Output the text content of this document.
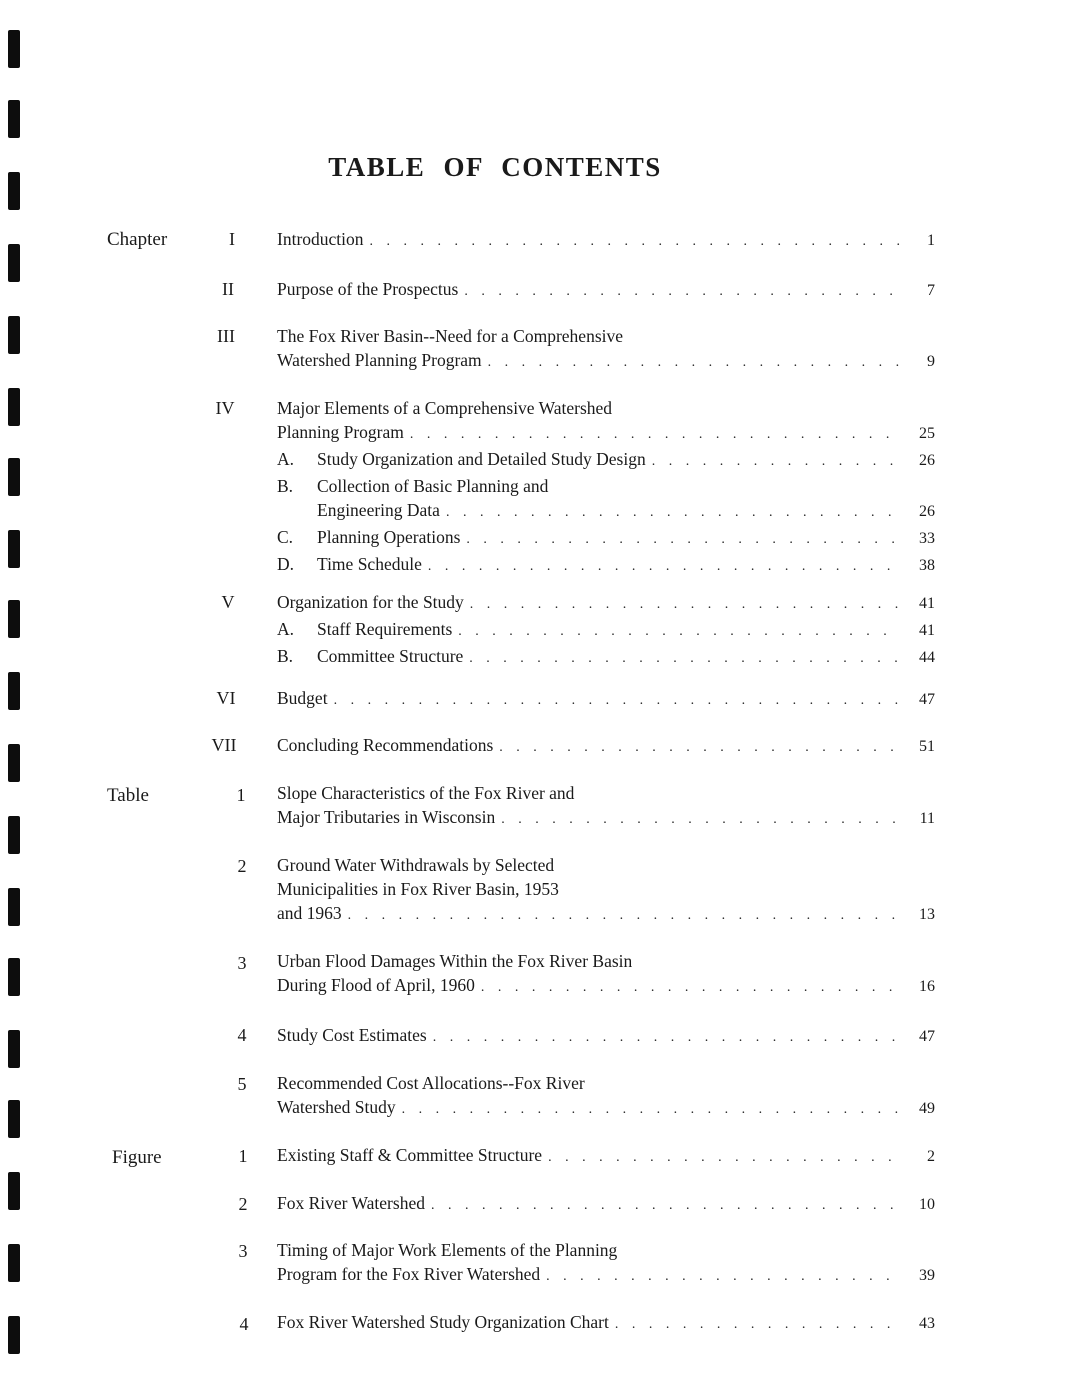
TABLE OF CONTENTS
Chapter	I	Introduction . . .	1
II	Purpose of the Prospectus . . .	7
III	The Fox River Basin--Need for a Comprehensive
Watershed Planning Program . . .	9
IV	Major Elements of a Comprehensive Watershed
Planning Program . . .	25
A.	Study Organization and Detailed Study Design . . .	26
B.	Collection of Basic Planning and
Engineering Data . . .	26
C.	Planning Operations . . .	33
D.	Time Schedule . . .	38
V	Organization for the Study . . .	41
A.	Staff Requirements . . .	41
B.	Committee Structure . . .	44
VI	Budget . . .	47
VII	Concluding Recommendations . . .	51
Table	1	Slope Characteristics of the Fox River and
Major Tributaries in Wisconsin . . .	11
2	Ground Water Withdrawals by Selected
Municipalities in Fox River Basin, 1953
and 1963 . . .	13
3	Urban Flood Damages Within the Fox River Basin
During Flood of April, 1960 . . .	16
4	Study Cost Estimates . . .	47
5	Recommended Cost Allocations--Fox River
Watershed Study . . .	49
Figure	1	Existing Staff & Committee Structure . . .	2
2	Fox River Watershed . . .	10
3	Timing of Major Work Elements of the Planning
Program for the Fox River Watershed . . .	39
4	Fox River Watershed Study Organization Chart . . .	43
